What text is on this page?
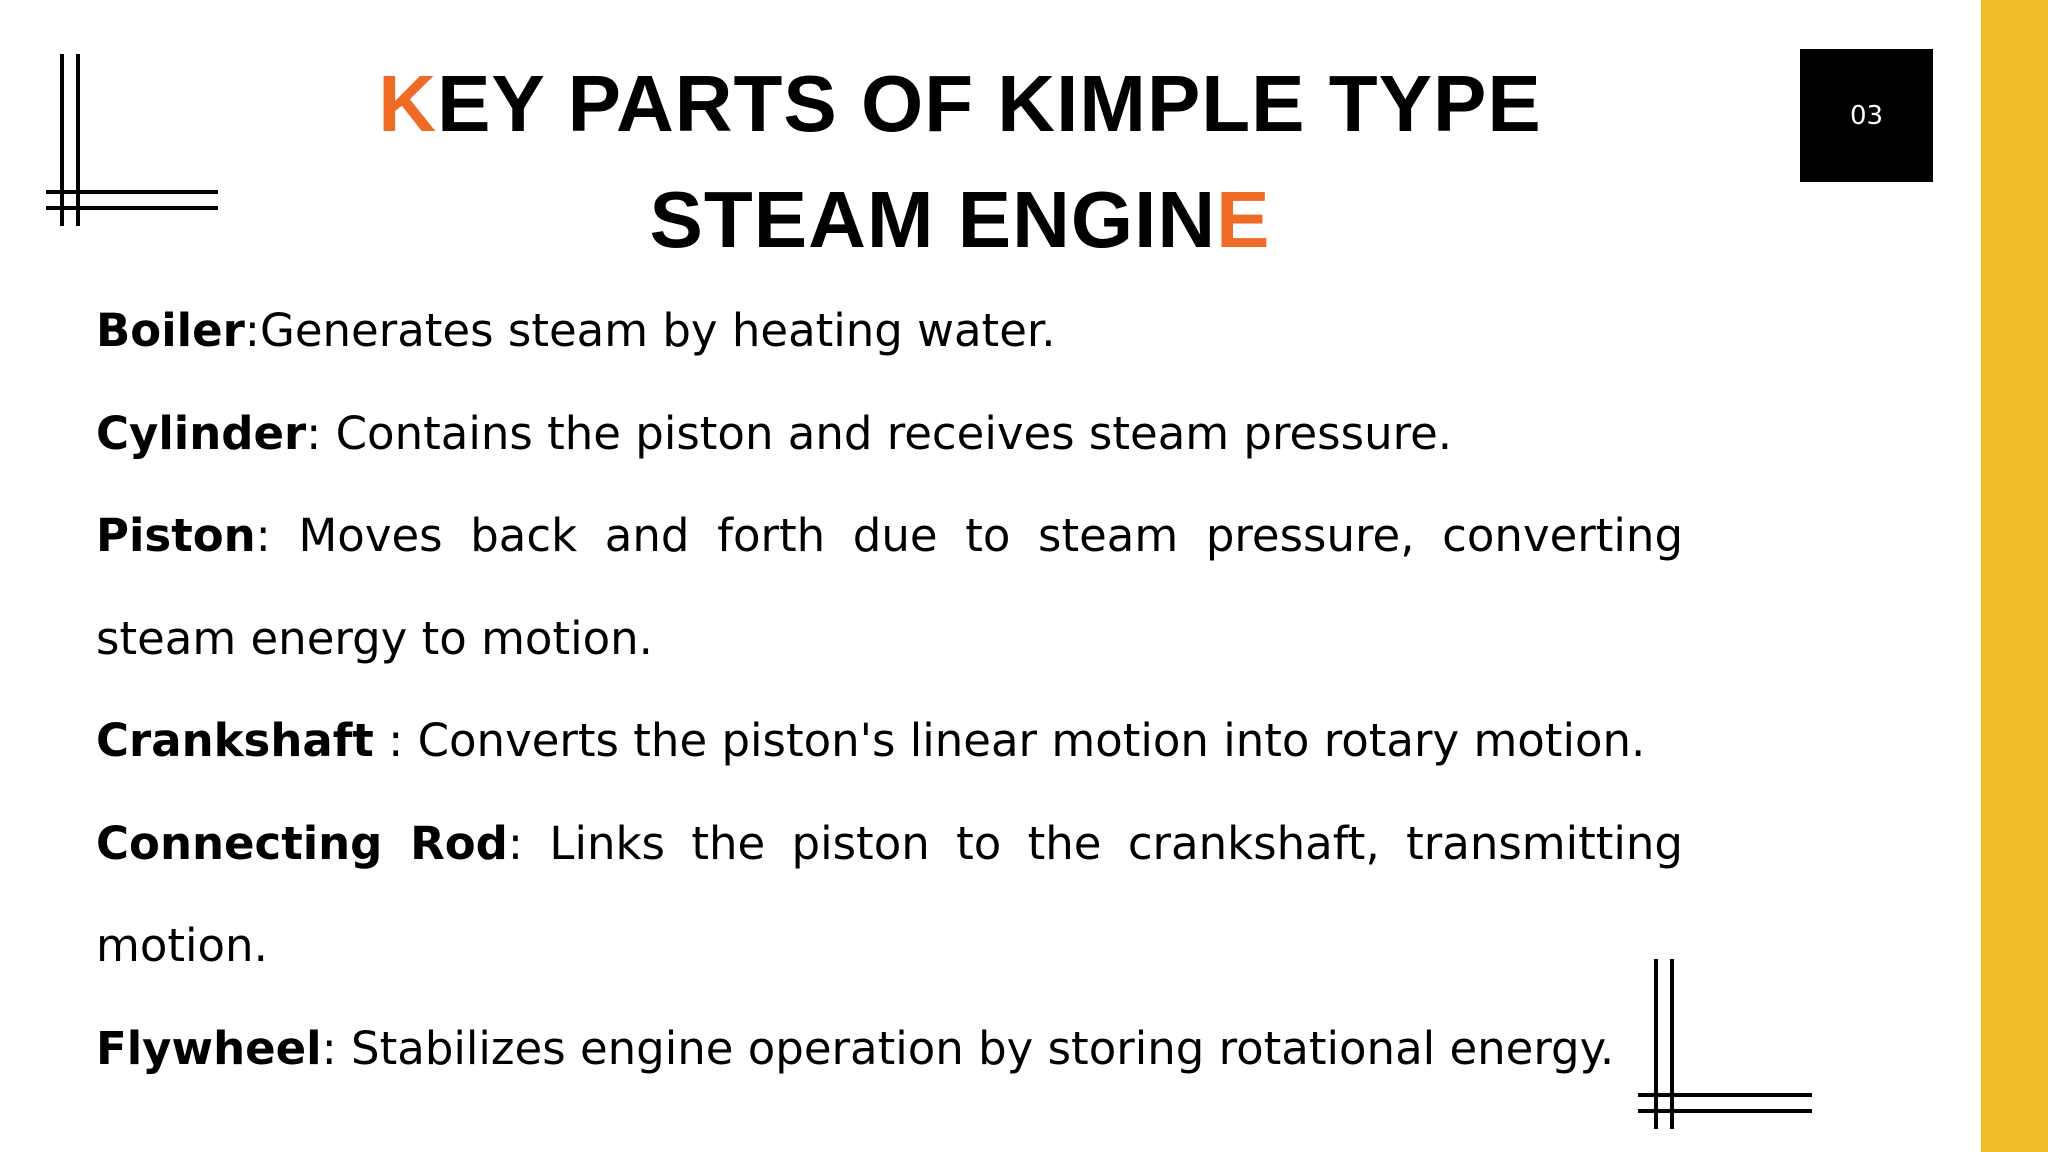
KEY PARTS OF KIMPLE TYPE STEAM ENGINE
03

Boiler:Generates steam by heating water.

Cylinder: Contains the piston and receives steam pressure.

Piston: Moves back and forth due to steam pressure, converting steam energy to motion.

Crankshaft : Converts the piston's linear motion into rotary motion.

Connecting Rod: Links the piston to the crankshaft, transmitting motion.

Flywheel: Stabilizes engine operation by storing rotational energy.
